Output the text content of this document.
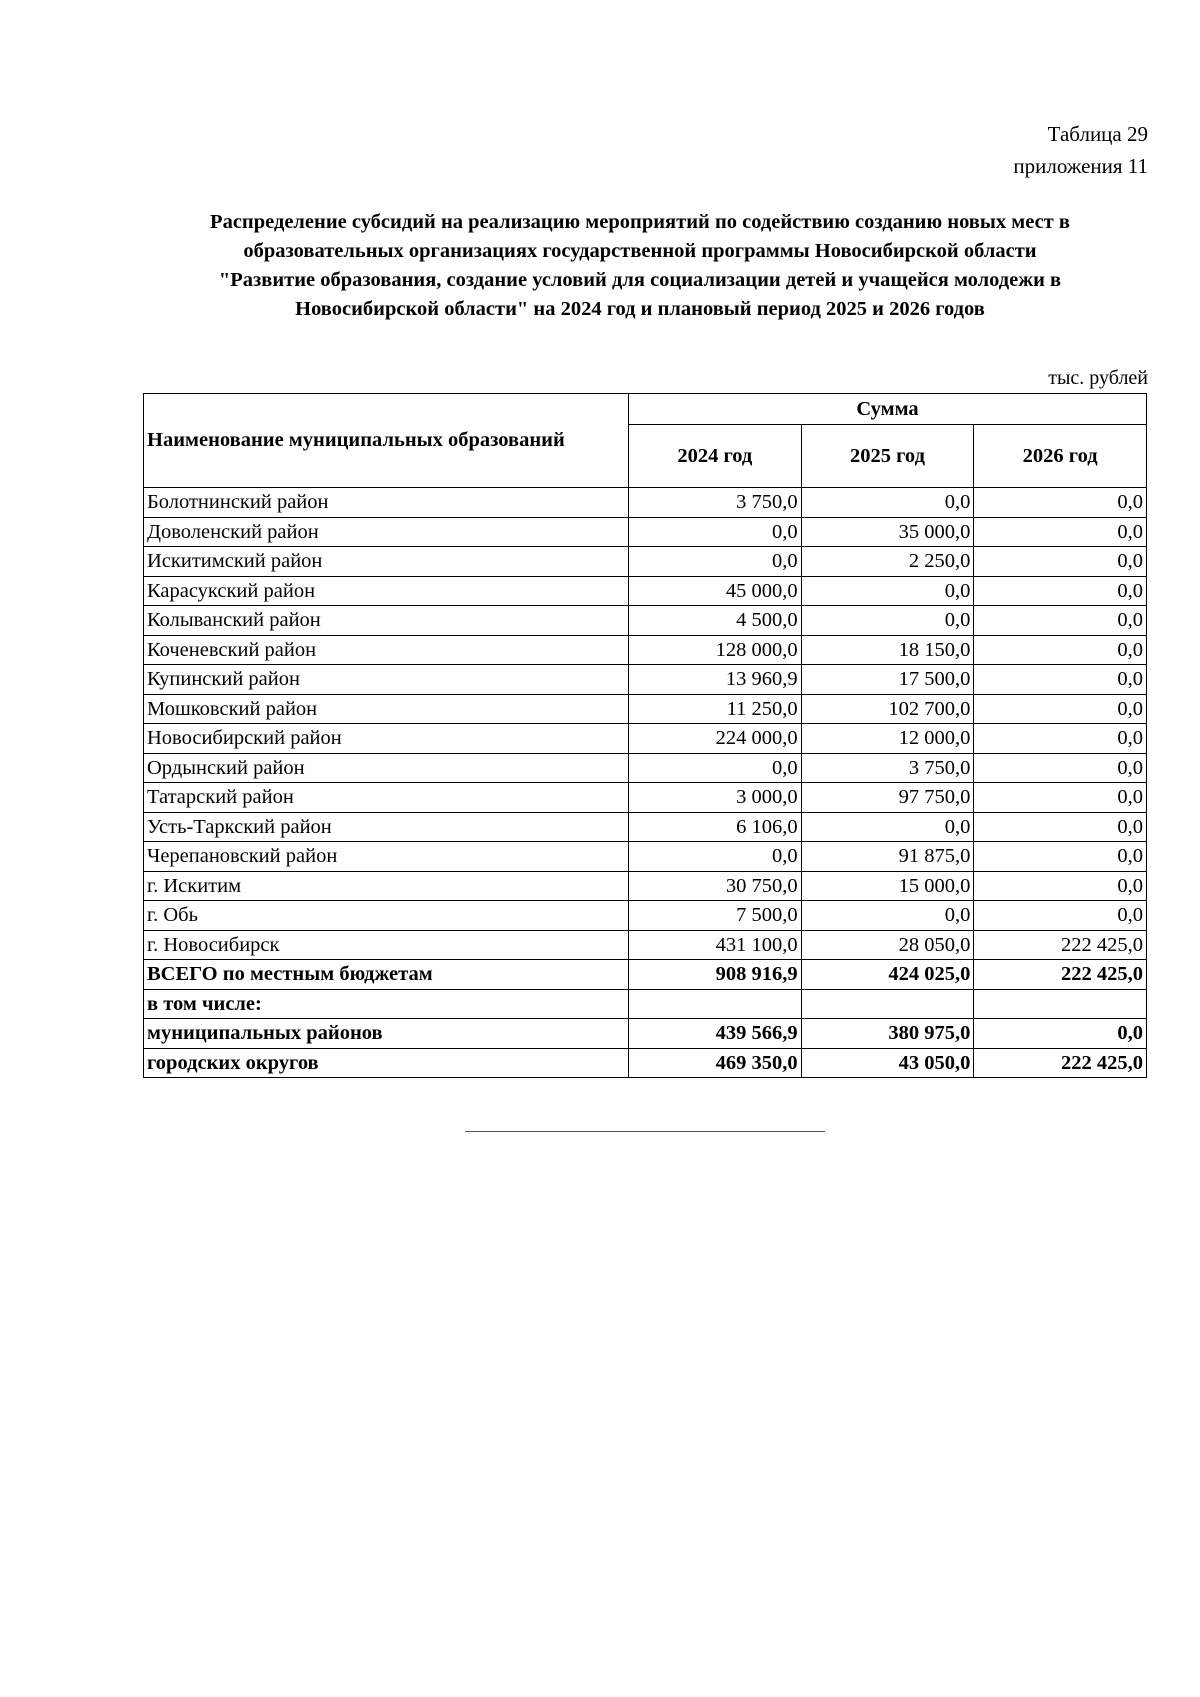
Таблица 29
приложения 11
Распределение субсидий на реализацию мероприятий по содействию созданию новых мест в
образовательных организациях государственной программы Новосибирской области
"Развитие образования, создание условий для социализации детей и учащейся молодежи в
Новосибирской области" на 2024 год и плановый период 2025 и 2026 годов
тыс. рублей
Наименование муниципальных образований	Сумма		
	2024 год	2025 год	2026 год
Болотнинский район	3 750,0	0,0	0,0
Доволенский район	0,0	35 000,0	0,0
Искитимский район	0,0	2 250,0	0,0
Карасукский район	45 000,0	0,0	0,0
Колыванский район	4 500,0	0,0	0,0
Коченевский район	128 000,0	18 150,0	0,0
Купинский район	13 960,9	17 500,0	0,0
Мошковский район	11 250,0	102 700,0	0,0
Новосибирский район	224 000,0	12 000,0	0,0
Ордынский район	0,0	3 750,0	0,0
Татарский район	3 000,0	97 750,0	0,0
Усть-Таркский район	6 106,0	0,0	0,0
Черепановский район	0,0	91 875,0	0,0
г. Искитим	30 750,0	15 000,0	0,0
г. Обь	7 500,0	0,0	0,0
г. Новосибирск	431 100,0	28 050,0	222 425,0
ВСЕГО по местным бюджетам	908 916,9	424 025,0	222 425,0
в том числе:			
муниципальных районов	439 566,9	380 975,0	0,0
городских округов	469 350,0	43 050,0	222 425,0
